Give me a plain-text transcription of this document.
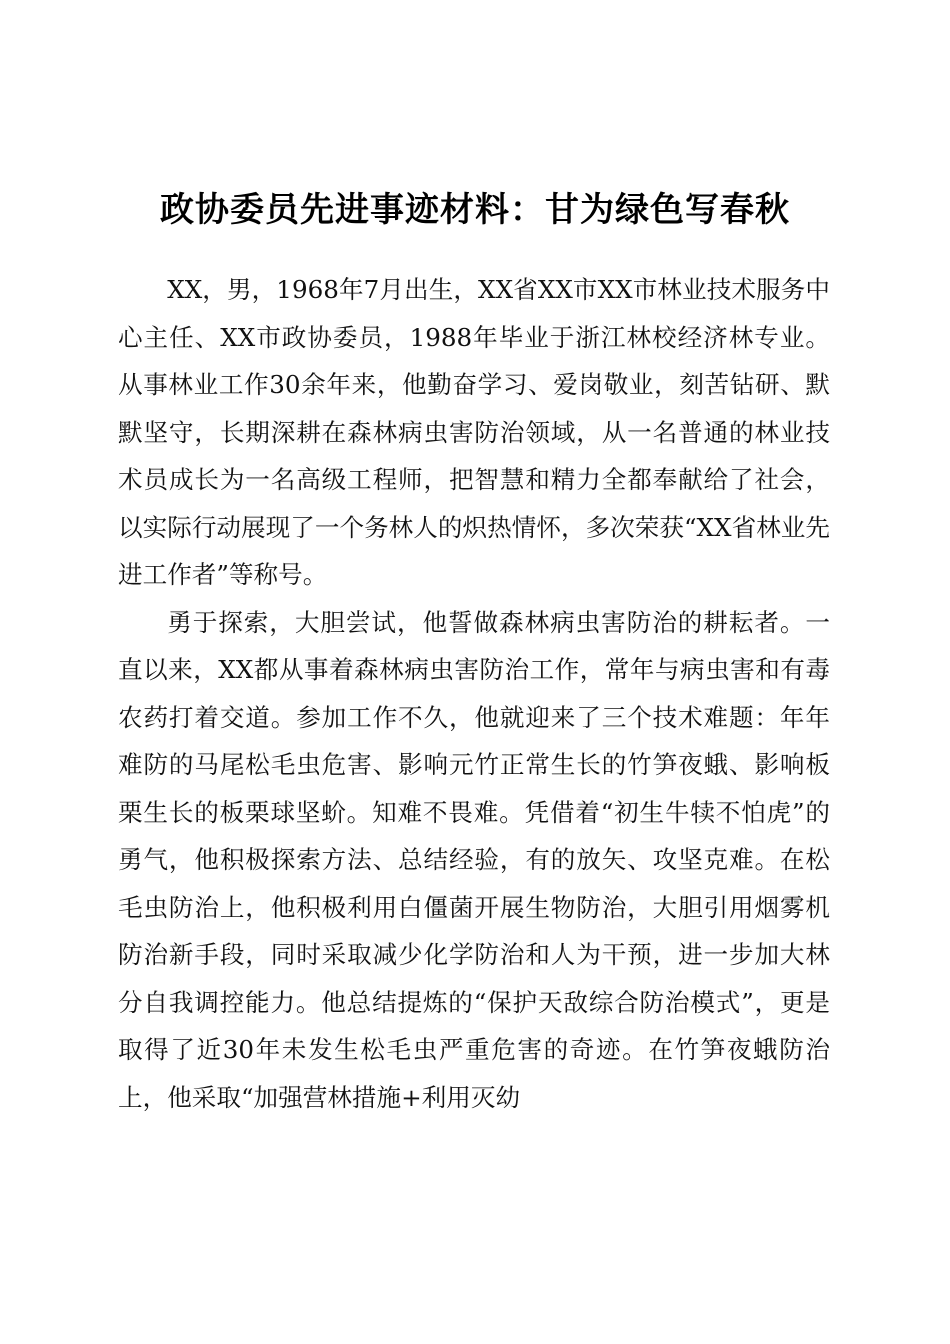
政协委员先进事迹材料：甘为绿色写春秋

XX，男，1968年7月出生，XX省XX市XX市林业技术服务中心主任、XX市政协委员，1988年毕业于浙江林校经济林专业。从事林业工作30余年来，他勤奋学习、爱岗敬业，刻苦钻研、默默坚守，长期深耕在森林病虫害防治领域，从一名普通的林业技术员成长为一名高级工程师，把智慧和精力全都奉献给了社会，以实际行动展现了一个务林人的炽热情怀，多次荣获“XX省林业先进工作者”等称号。

勇于探索，大胆尝试，他誓做森林病虫害防治的耕耘者。一直以来，XX都从事着森林病虫害防治工作，常年与病虫害和有毒农药打着交道。参加工作不久，他就迎来了三个技术难题：年年难防的马尾松毛虫危害、影响元竹正常生长的竹笋夜蛾、影响板栗生长的板栗球坚蚧。知难不畏难。凭借着“初生牛犊不怕虎”的勇气，他积极探索方法、总结经验，有的放矢、攻坚克难。在松毛虫防治上，他积极利用白僵菌开展生物防治，大胆引用烟雾机防治新手段，同时采取减少化学防治和人为干预，进一步加大林分自我调控能力。他总结提炼的“保护天敌综合防治模式”，更是取得了近30年未发生松毛虫严重危害的奇迹。在竹笋夜蛾防治上，他采取“加强营林措施+利用灭幼
